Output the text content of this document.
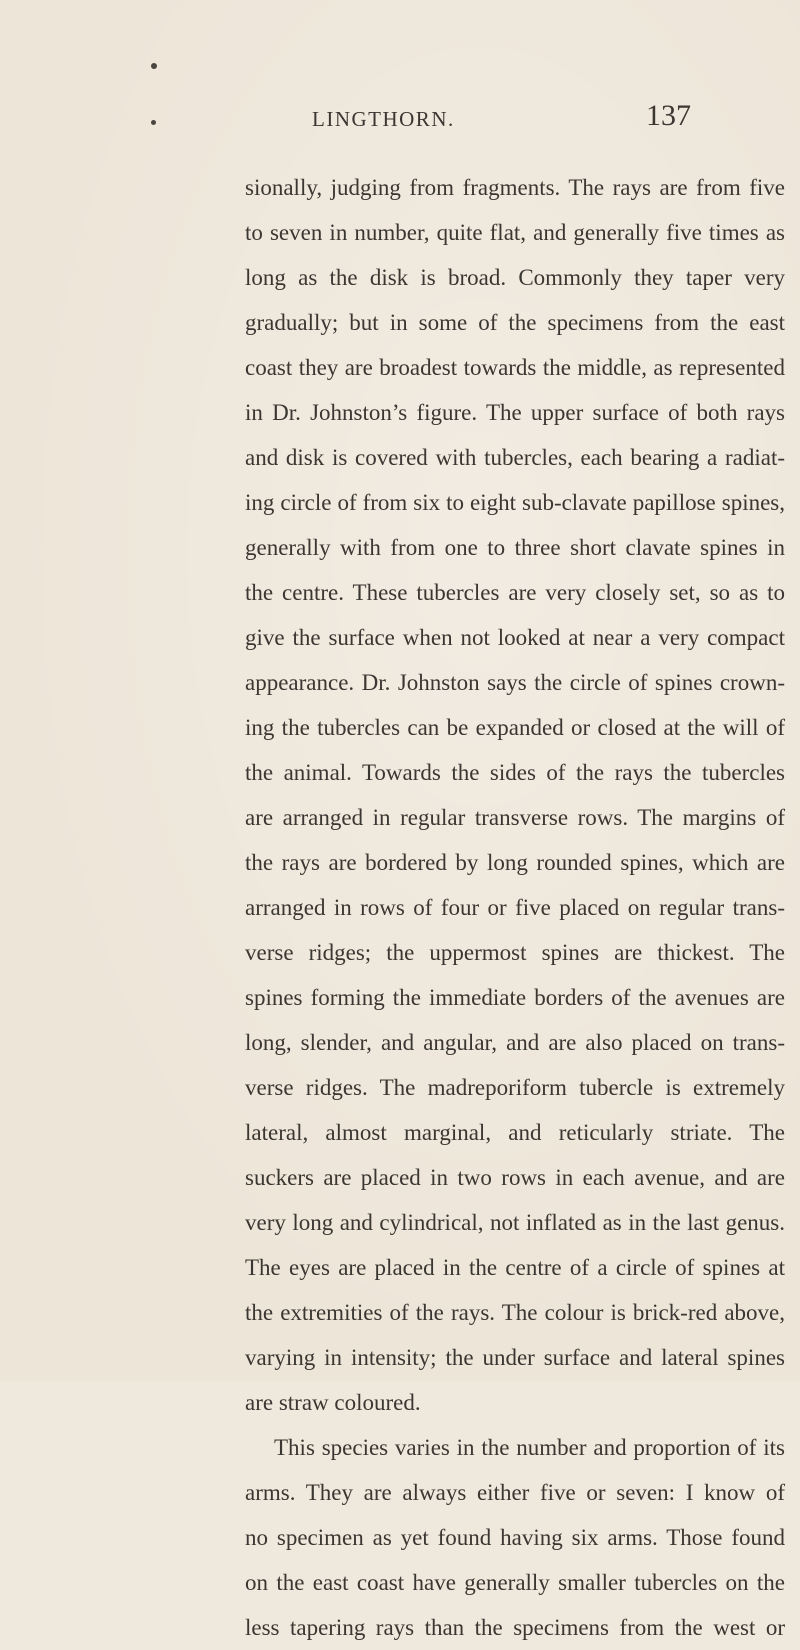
LINGTHORN.	137
sionally, judging from fragments. The rays are from five
to seven in number, quite flat, and generally five times as
long as the disk is broad. Commonly they taper very
gradually; but in some of the specimens from the east
coast they are broadest towards the middle, as represented
in Dr. Johnston’s figure. The upper surface of both rays
and disk is covered with tubercles, each bearing a radiat-
ing circle of from six to eight sub-clavate papillose spines,
generally with from one to three short clavate spines in
the centre. These tubercles are very closely set, so as to
give the surface when not looked at near a very compact
appearance. Dr. Johnston says the circle of spines crown-
ing the tubercles can be expanded or closed at the will of
the animal. Towards the sides of the rays the tubercles
are arranged in regular transverse rows. The margins of
the rays are bordered by long rounded spines, which are
arranged in rows of four or five placed on regular trans-
verse ridges; the uppermost spines are thickest. The
spines forming the immediate borders of the avenues are
long, slender, and angular, and are also placed on trans-
verse ridges. The madreporiform tubercle is extremely
lateral, almost marginal, and reticularly striate. The
suckers are placed in two rows in each avenue, and are
very long and cylindrical, not inflated as in the last genus.
The eyes are placed in the centre of a circle of spines at
the extremities of the rays. The colour is brick-red above,
varying in intensity; the under surface and lateral spines
are straw coloured.
This species varies in the number and proportion of its
arms. They are always either five or seven: I know of
no specimen as yet found having six arms. Those found
on the east coast have generally smaller tubercles on the
less tapering rays than the specimens from the west or
